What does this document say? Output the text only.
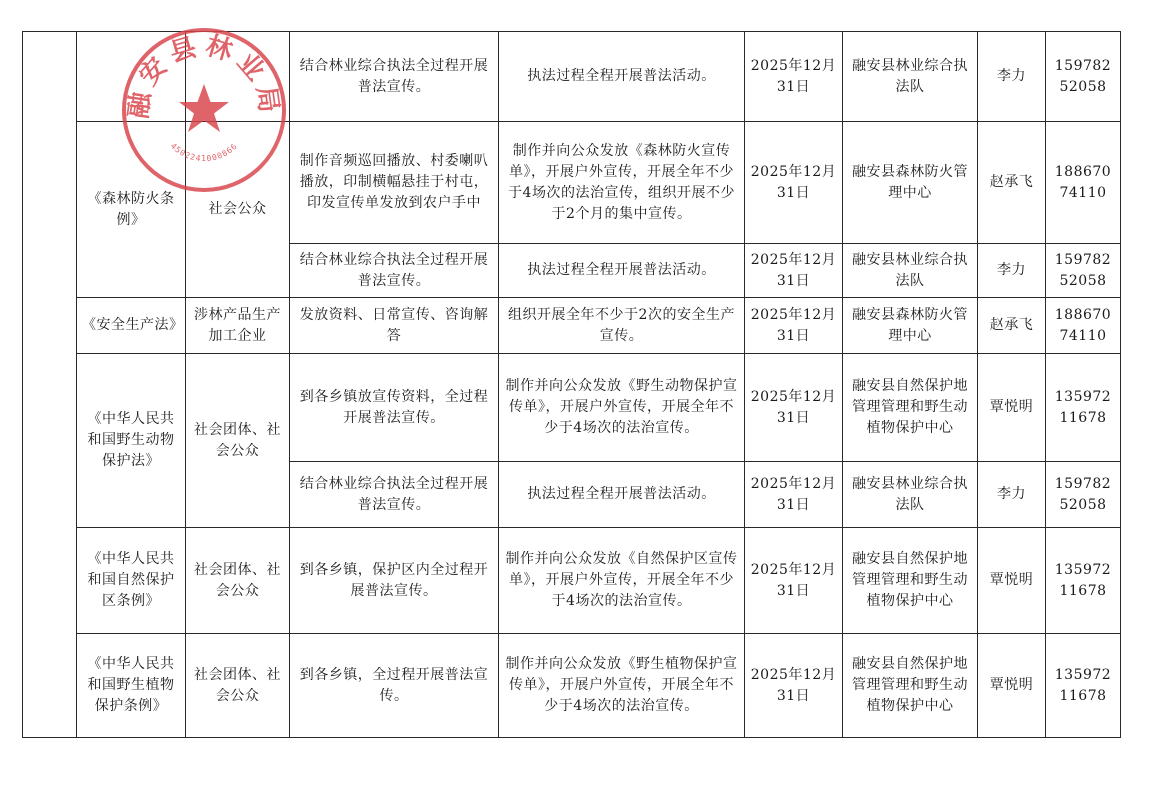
			结合林业综合执法全过程开展普法宣传。	执法过程全程开展普法活动。	2025年12月31日	融安县林业综合执法队	李力	15978252058
	《森林防火条例》	社会公众	制作音频巡回播放、村委喇叭播放，印制横幅悬挂于村屯，印发宣传单发放到农户手中	制作并向公众发放《森林防火宣传单》，开展户外宣传，开展全年不少于4场次的法治宣传，组织开展不少于2个月的集中宣传。	2025年12月31日	融安县森林防火管理中心	赵承飞	18867074110
			结合林业综合执法全过程开展普法宣传。	执法过程全程开展普法活动。	2025年12月31日	融安县林业综合执法队	李力	15978252058
	《安全生产法》	涉林产品生产加工企业	发放资料、日常宣传、咨询解答	组织开展全年不少于2次的安全生产宣传。	2025年12月31日	融安县森林防火管理中心	赵承飞	18867074110
	《中华人民共和国野生动物保护法》	社会团体、社会公众	到各乡镇放宣传资料，全过程开展普法宣传。	制作并向公众发放《野生动物保护宣传单》，开展户外宣传，开展全年不少于4场次的法治宣传。	2025年12月31日	融安县自然保护地管理管理和野生动植物保护中心	覃悦明	13597211678
			结合林业综合执法全过程开展普法宣传。	执法过程全程开展普法活动。	2025年12月31日	融安县林业综合执法队	李力	15978252058
	《中华人民共和国自然保护区条例》	社会团体、社会公众	到各乡镇，保护区内全过程开展普法宣传。	制作并向公众发放《自然保护区宣传单》，开展户外宣传，开展全年不少于4场次的法治宣传。	2025年12月31日	融安县自然保护地管理管理和野生动植物保护中心	覃悦明	13597211678
	《中华人民共和国野生植物保护条例》	社会团体、社会公众	到各乡镇，全过程开展普法宣传。	制作并向公众发放《野生植物保护宣传单》，开展户外宣传，开展全年不少于4场次的法治宣传。	2025年12月31日	融安县自然保护地管理管理和野生动植物保护中心	覃悦明	13597211678
融安县林业局
4502241000866
